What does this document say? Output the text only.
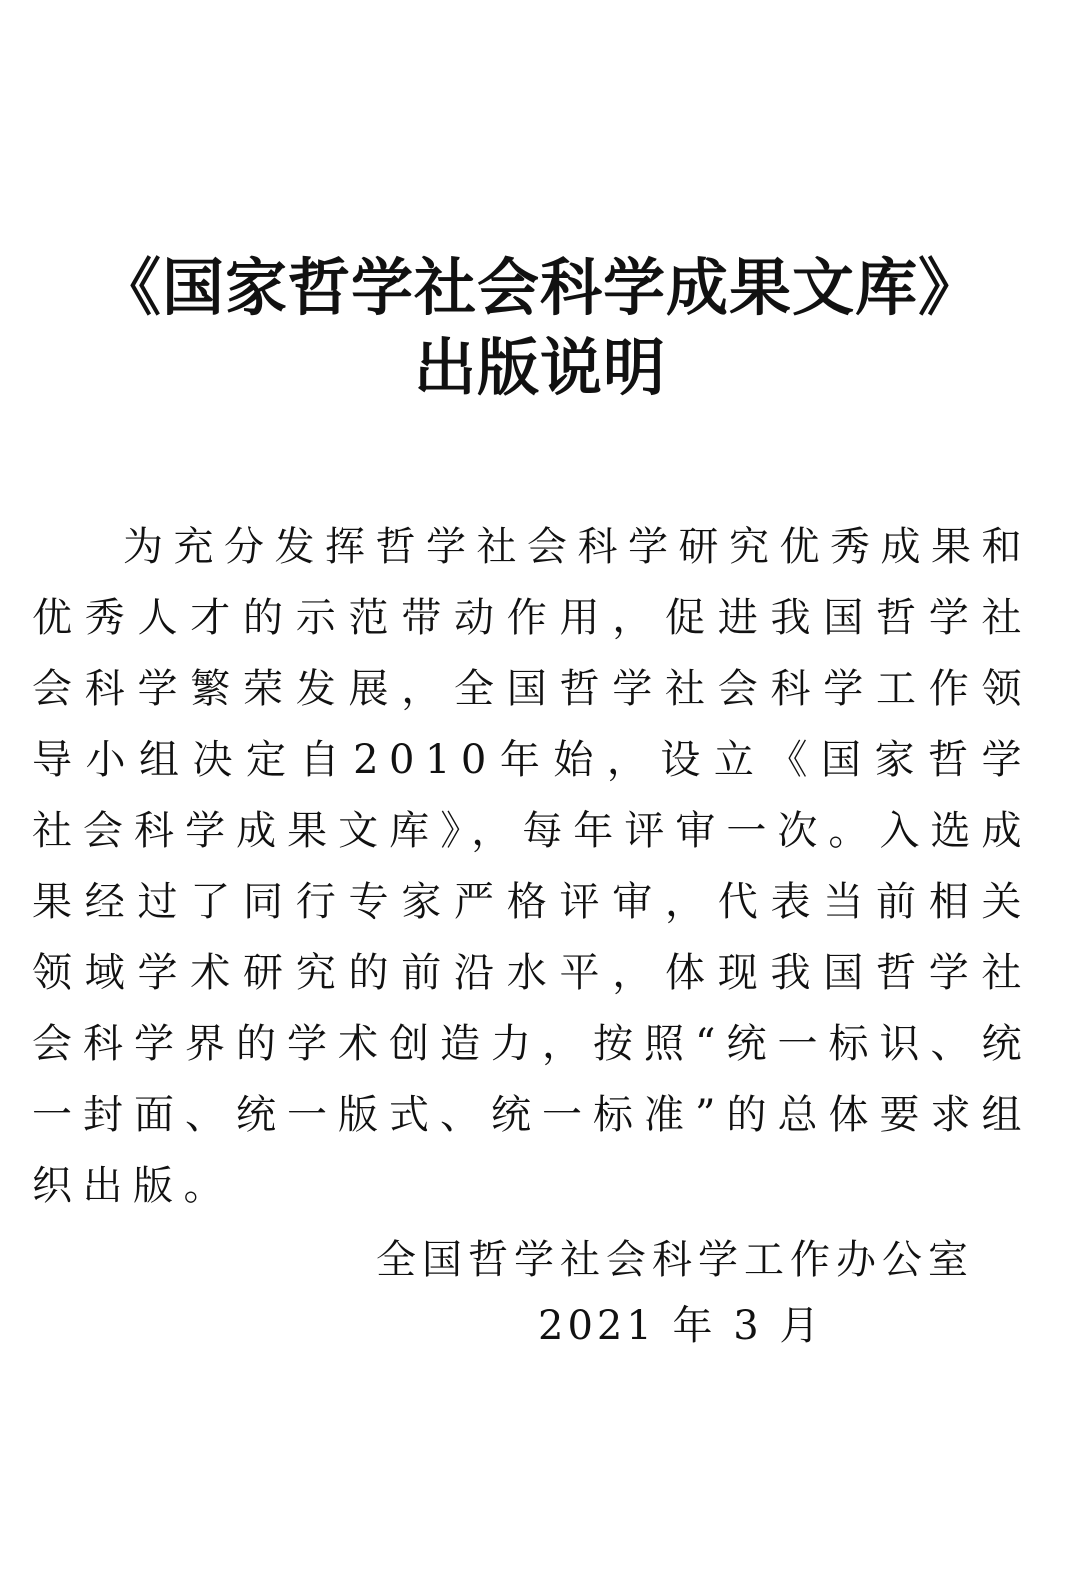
《国家哲学社会科学成果文库》
出版说明

为充分发挥哲学社会科学研究优秀成果和优秀人才的示范带动作用，促进我国哲学社会科学繁荣发展，全国哲学社会科学工作领导小组决定自2010年始，设立《国家哲学社会科学成果文库》，每年评审一次。入选成果经过了同行专家严格评审，代表当前相关领域学术研究的前沿水平，体现我国哲学社会科学界的学术创造力，按照“统一标识、统一封面、统一版式、统一标准”的总体要求组织出版。

全国哲学社会科学工作办公室
2021 年 3 月
